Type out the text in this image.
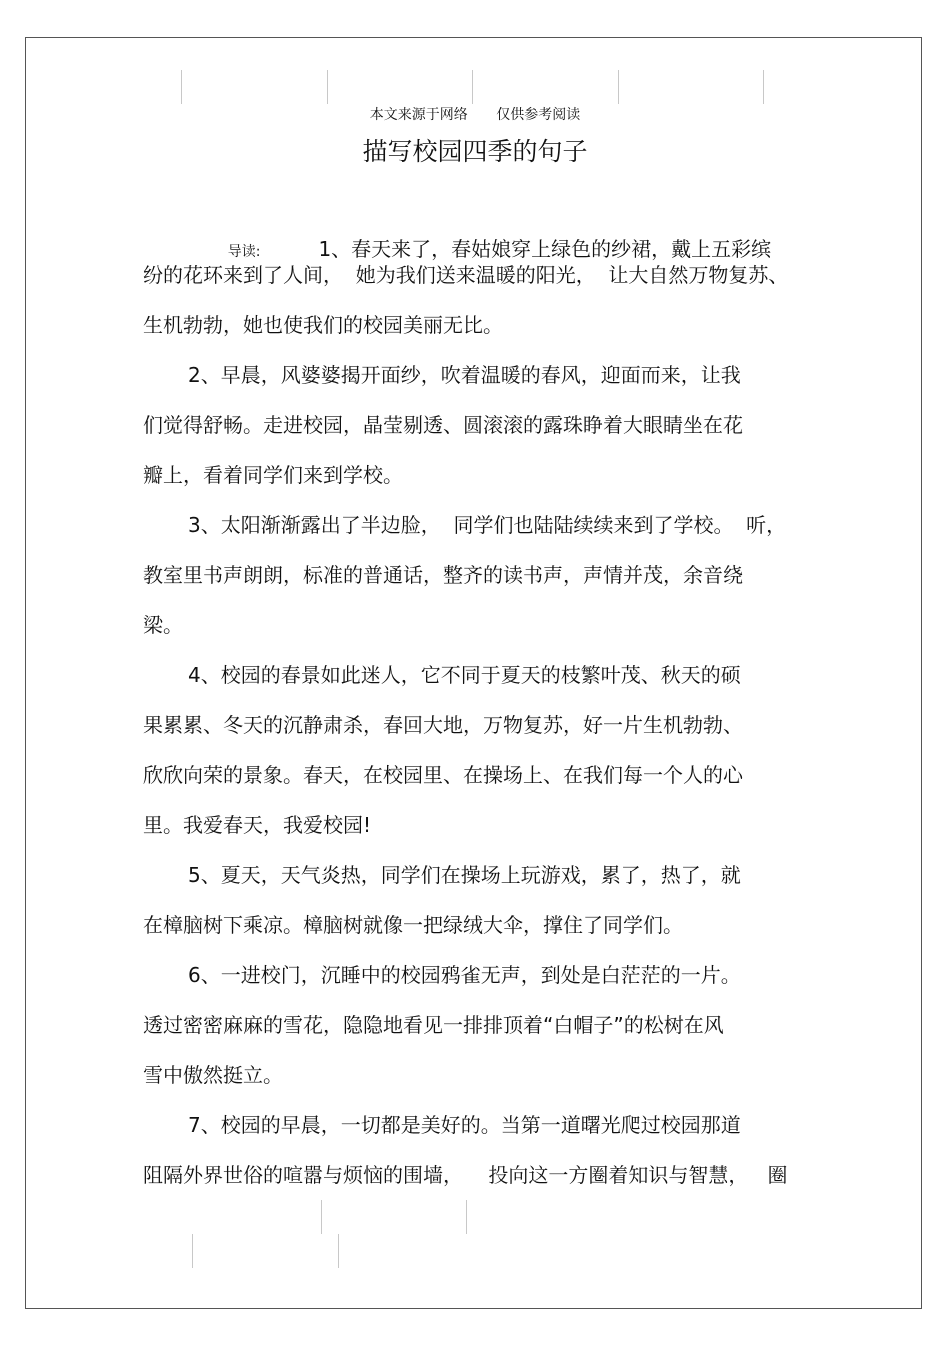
本文来源于网络 仅供参考阅读
描写校园四季的句子

导读:	1、春天来了，春姑娘穿上绿色的纱裙，戴上五彩缤

纷的花环来到了人间，  她为我们送来温暖的阳光，  让大自然万物复苏、
生机勃勃，她也使我们的校园美丽无比。
2、早晨，风婆婆揭开面纱，吹着温暖的春风，迎面而来，让我
们觉得舒畅。走进校园，晶莹剔透、圆滚滚的露珠睁着大眼睛坐在花
瓣上，看着同学们来到学校。
3、太阳渐渐露出了半边脸，  同学们也陆陆续续来到了学校。  听，
教室里书声朗朗，标准的普通话，整齐的读书声，声情并茂，余音绕
梁。
4、校园的春景如此迷人，它不同于夏天的枝繁叶茂、秋天的硕
果累累、冬天的沉静肃杀，春回大地，万物复苏，好一片生机勃勃、
欣欣向荣的景象。春天，在校园里、在操场上、在我们每一个人的心
里。我爱春天，我爱校园!
5、夏天，天气炎热，同学们在操场上玩游戏，累了，热了，就
在樟脑树下乘凉。樟脑树就像一把绿绒大伞，撑住了同学们。
6、一进校门，沉睡中的校园鸦雀无声，到处是白茫茫的一片。
透过密密麻麻的雪花，隐隐地看见一排排顶着“白帽子”的松树在风
雪中傲然挺立。
7、校园的早晨，一切都是美好的。当第一道曙光爬过校园那道
阻隔外界世俗的喧嚣与烦恼的围墙，    投向这一方圈着知识与智慧，   圈
